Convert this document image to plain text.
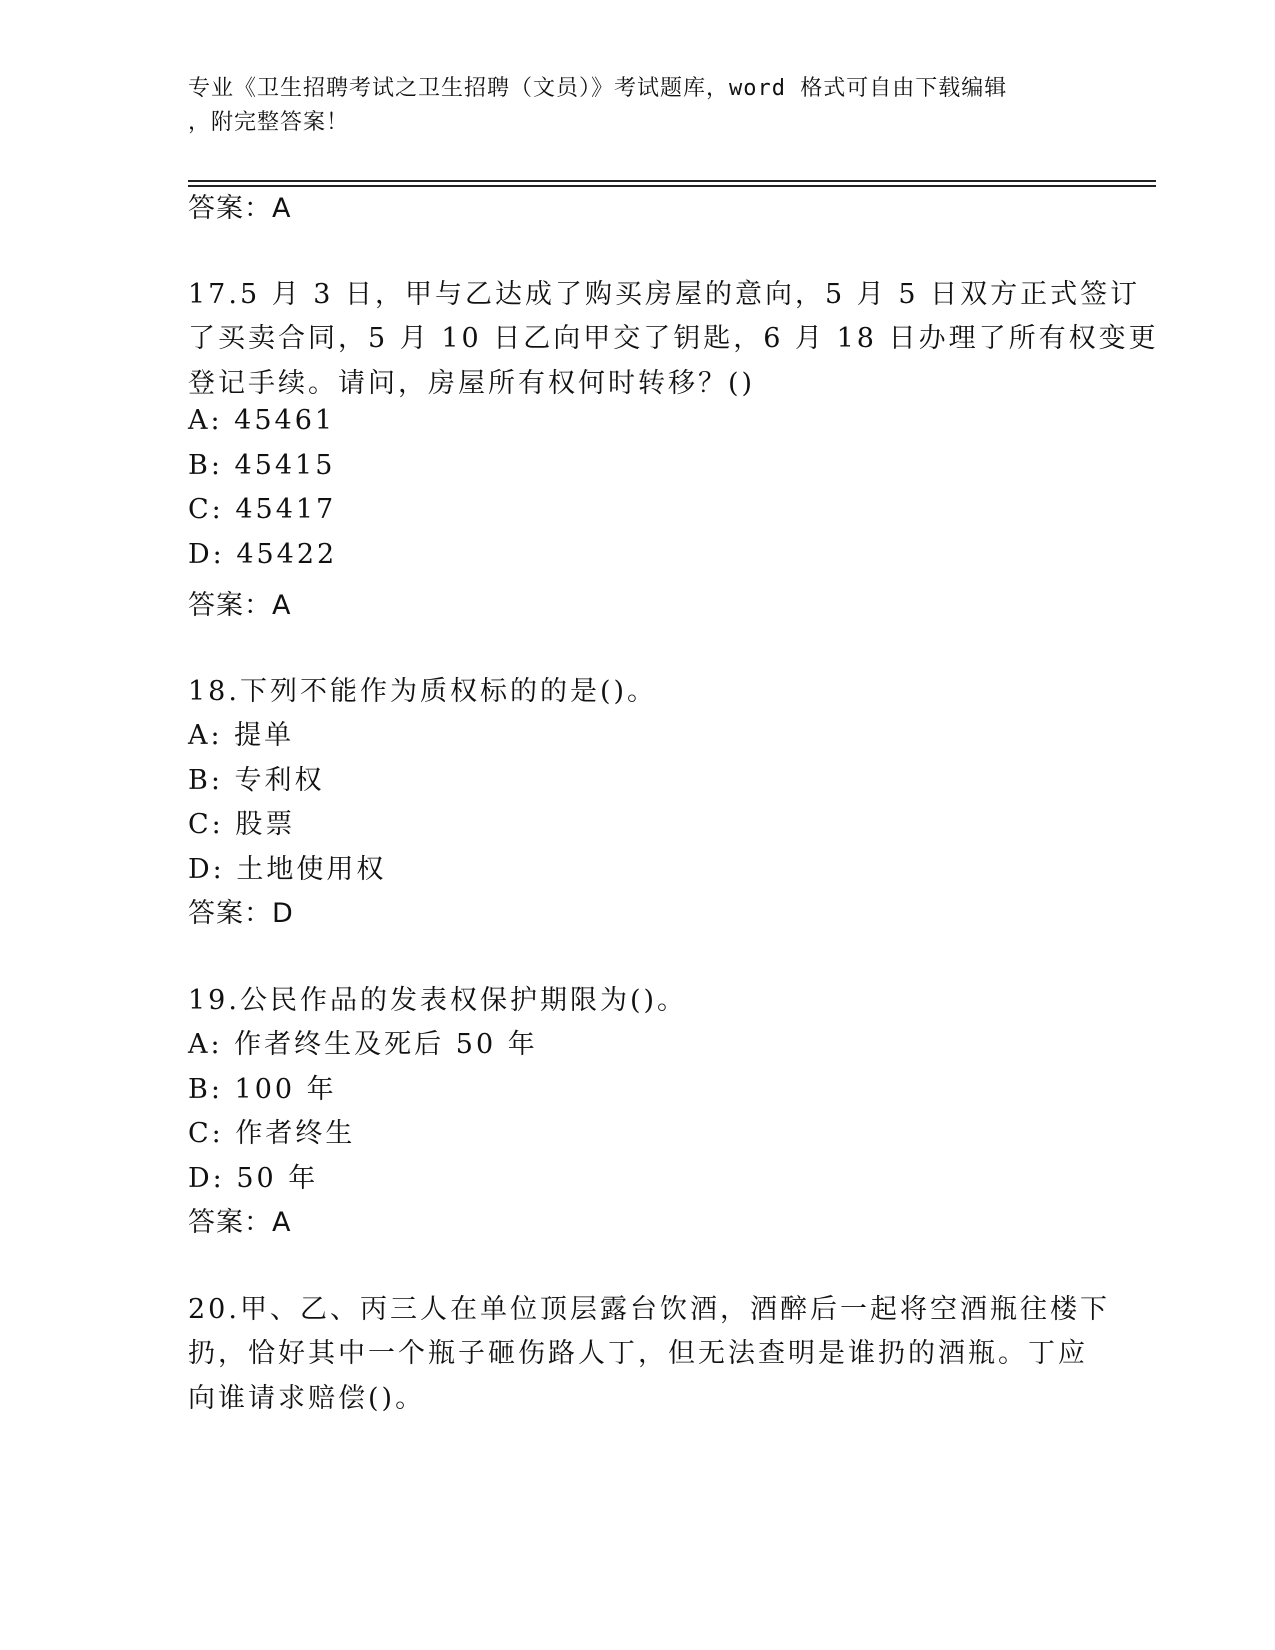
专业《卫生招聘考试之卫生招聘（文员）》考试题库，word 格式可自由下载编辑
，附完整答案！
答案：A
17.5 月 3 日，甲与乙达成了购买房屋的意向，5 月 5 日双方正式签订
了买卖合同，5 月 10 日乙向甲交了钥匙，6 月 18 日办理了所有权变更
登记手续。请问，房屋所有权何时转移？()
A: 45461
B: 45415
C: 45417
D: 45422
答案：A
18.下列不能作为质权标的的是()。
A: 提单
B: 专利权
C: 股票
D: 土地使用权
答案：D
19.公民作品的发表权保护期限为()。
A: 作者终生及死后 50 年
B: 100 年
C: 作者终生
D: 50 年
答案：A
20.甲、乙、丙三人在单位顶层露台饮酒，酒醉后一起将空酒瓶往楼下
扔，恰好其中一个瓶子砸伤路人丁，但无法查明是谁扔的酒瓶。丁应
向谁请求赔偿()。
